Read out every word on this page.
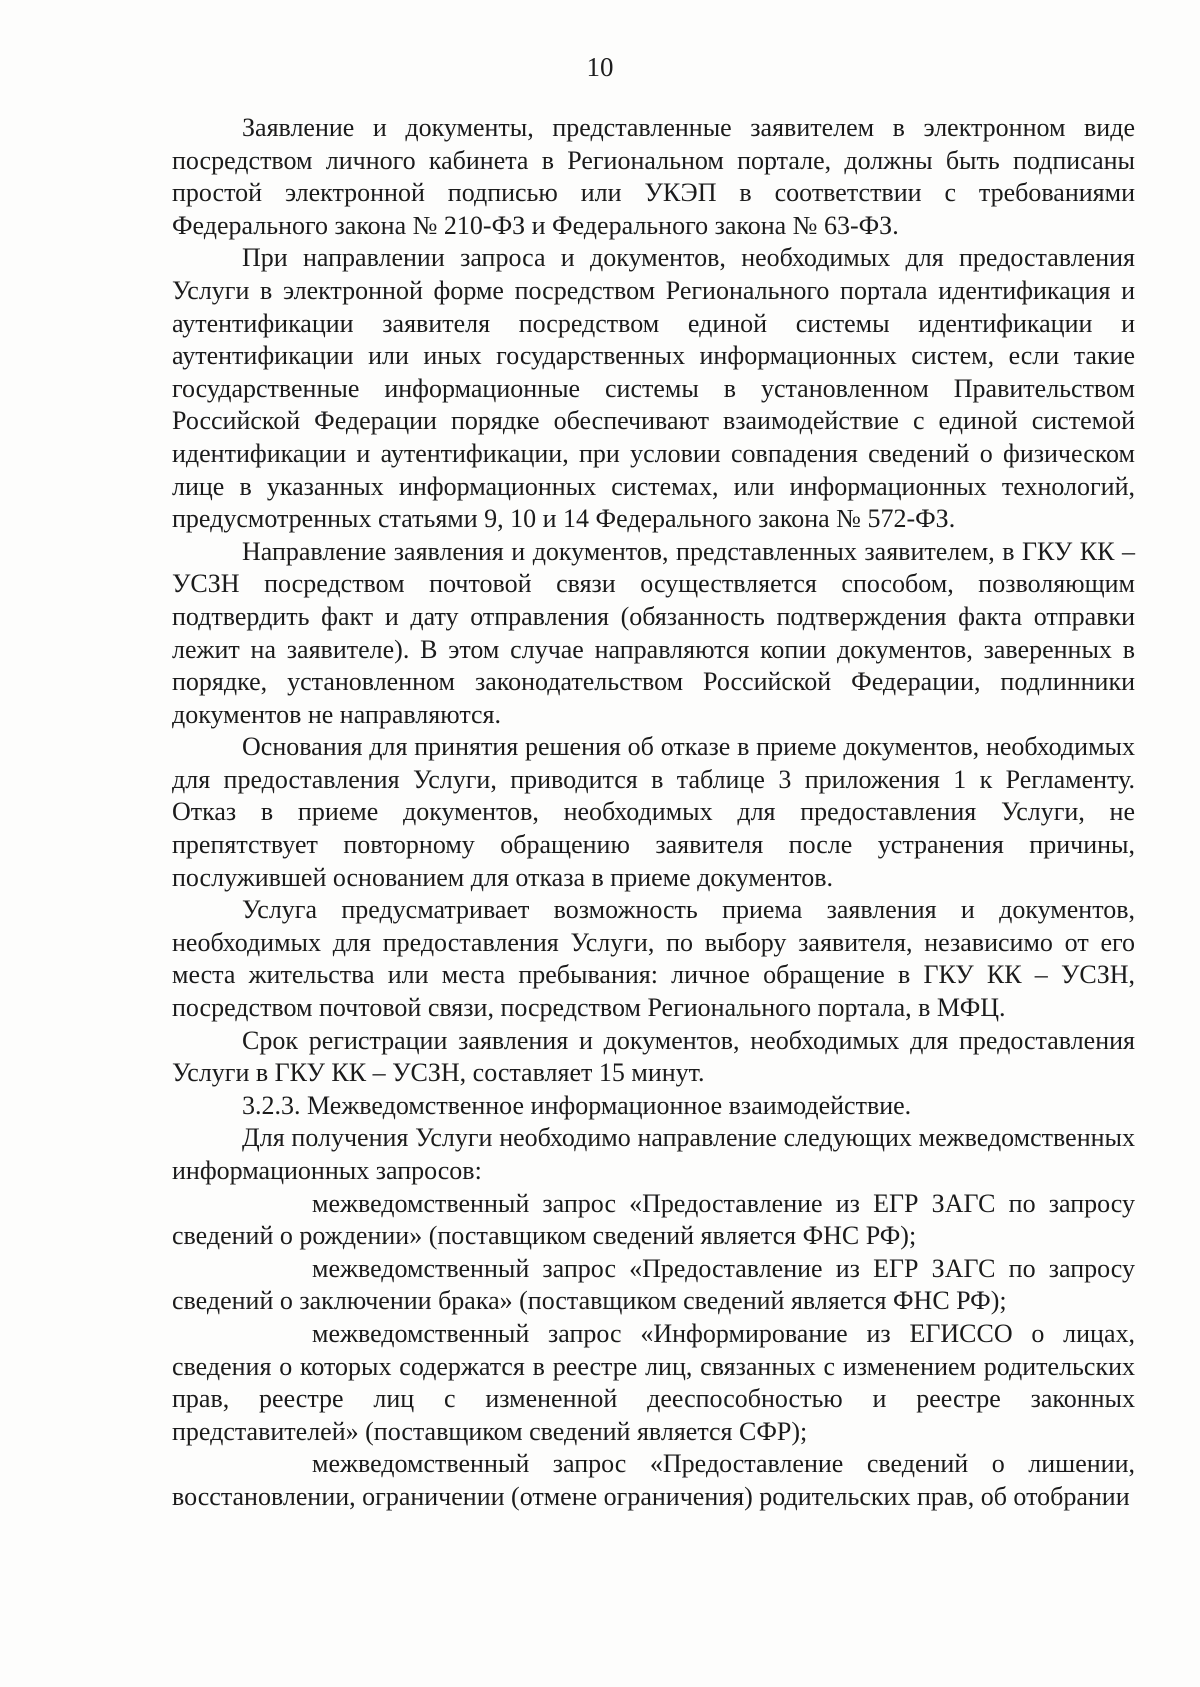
10

Заявление и документы, представленные заявителем в электронном виде посредством личного кабинета в Региональном портале, должны быть подписаны простой электронной подписью или УКЭП в соответствии с требованиями Федерального закона № 210-ФЗ и Федерального закона № 63-ФЗ.

При направлении запроса и документов, необходимых для предоставления Услуги в электронной форме посредством Регионального портала идентификация и аутентификации заявителя посредством единой системы идентификации и аутентификации или иных государственных информационных систем, если такие государственные информационные системы в установленном Правительством Российской Федерации порядке обеспечивают взаимодействие с единой системой идентификации и аутентификации, при условии совпадения сведений о физическом лице в указанных информационных системах, или информационных технологий, предусмотренных статьями 9, 10 и 14 Федерального закона № 572-ФЗ.

Направление заявления и документов, представленных заявителем, в ГКУ КК – УСЗН посредством почтовой связи осуществляется способом, позволяющим подтвердить факт и дату отправления (обязанность подтверждения факта отправки лежит на заявителе). В этом случае направляются копии документов, заверенных в порядке, установленном законодательством Российской Федерации, подлинники документов не направляются.

Основания для принятия решения об отказе в приеме документов, необходимых для предоставления Услуги, приводится в таблице 3 приложения 1 к Регламенту. Отказ в приеме документов, необходимых для предоставления Услуги, не препятствует повторному обращению заявителя после устранения причины, послужившей основанием для отказа в приеме документов.

Услуга предусматривает возможность приема заявления и документов, необходимых для предоставления Услуги, по выбору заявителя, независимо от его места жительства или места пребывания: личное обращение в ГКУ КК – УСЗН, посредством почтовой связи, посредством Регионального портала, в МФЦ.

Срок регистрации заявления и документов, необходимых для предоставления Услуги в ГКУ КК – УСЗН, составляет 15 минут.

3.2.3. Межведомственное информационное взаимодействие.

Для получения Услуги необходимо направление следующих межведомственных информационных запросов:

межведомственный запрос «Предоставление из ЕГР ЗАГС по запросу сведений о рождении» (поставщиком сведений является ФНС РФ);

межведомственный запрос «Предоставление из ЕГР ЗАГС по запросу сведений о заключении брака» (поставщиком сведений является ФНС РФ);

межведомственный запрос «Информирование из ЕГИССО о лицах, сведения о которых содержатся в реестре лиц, связанных с изменением родительских прав, реестре лиц с измененной дееспособностью и реестре законных представителей» (поставщиком сведений является СФР);

межведомственный запрос «Предоставление сведений о лишении, восстановлении, ограничении (отмене ограничения) родительских прав, об отобрании
